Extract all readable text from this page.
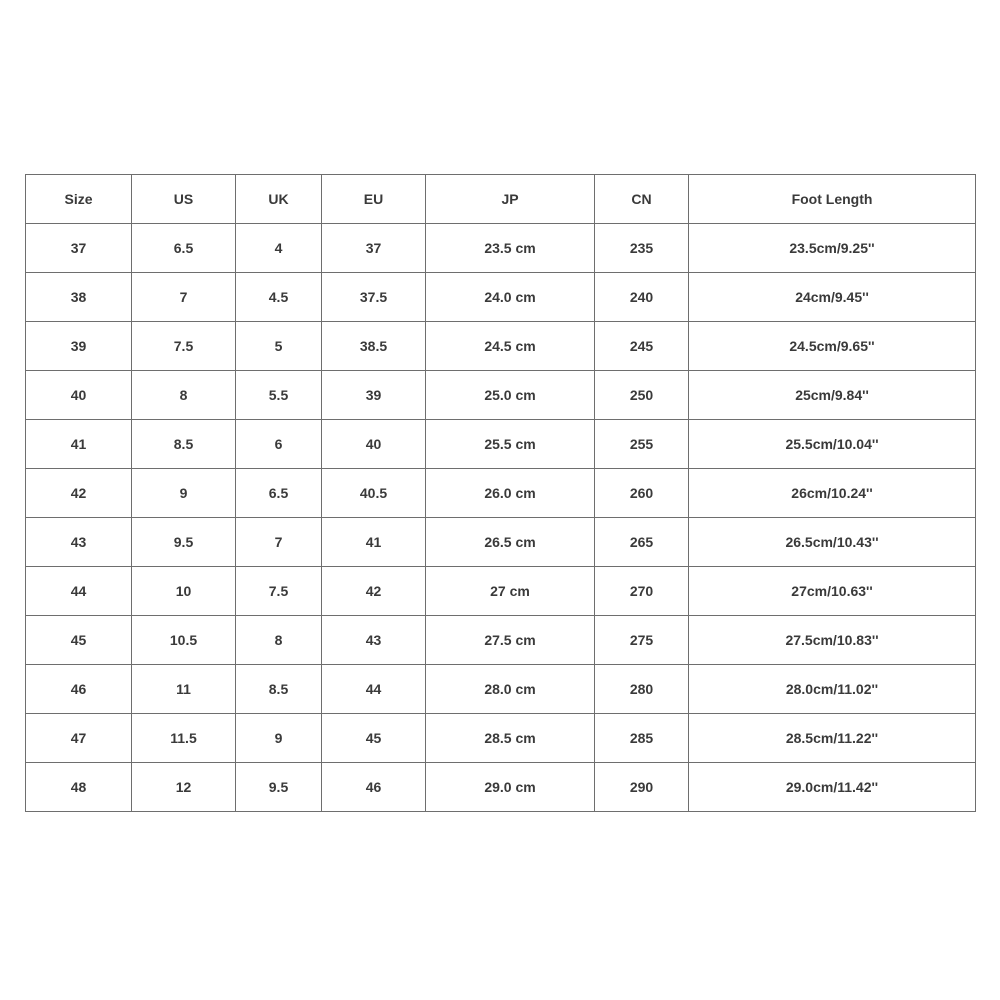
Size	US	UK	EU	JP	CN	Foot Length
37	6.5	4	37	23.5 cm	235	23.5cm/9.25''
38	7	4.5	37.5	24.0 cm	240	24cm/9.45''
39	7.5	5	38.5	24.5 cm	245	24.5cm/9.65''
40	8	5.5	39	25.0 cm	250	25cm/9.84''
41	8.5	6	40	25.5 cm	255	25.5cm/10.04''
42	9	6.5	40.5	26.0 cm	260	26cm/10.24''
43	9.5	7	41	26.5 cm	265	26.5cm/10.43''
44	10	7.5	42	27 cm	270	27cm/10.63''
45	10.5	8	43	27.5 cm	275	27.5cm/10.83''
46	11	8.5	44	28.0 cm	280	28.0cm/11.02''
47	11.5	9	45	28.5 cm	285	28.5cm/11.22''
48	12	9.5	46	29.0 cm	290	29.0cm/11.42''
